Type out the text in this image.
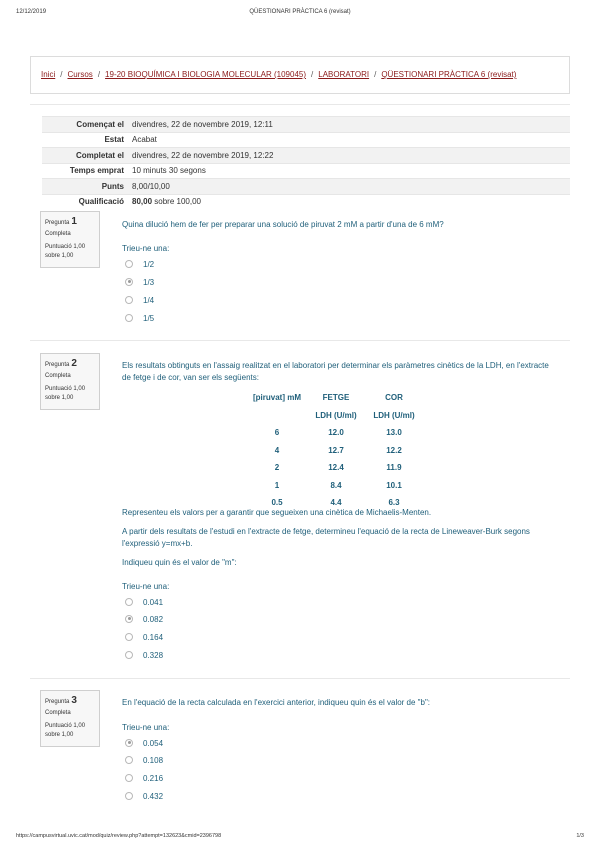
12/12/2019	QÜESTIONARI PRÀCTICA 6 (revisat)
Inici / Cursos / 19-20 BIOQUÍMICA I BIOLOGIA MOLECULAR (109045) / LABORATORI / QÜESTIONARI PRÀCTICA 6 (revisat)
Començat el	divendres, 22 de novembre 2019, 12:11
Estat	Acabat
Completat el	divendres, 22 de novembre 2019, 12:22
Temps emprat	10 minuts 30 segons
Punts	8,00/10,00
Qualificació	80,00 sobre 100,00
Pregunta 1
Completa
Puntuació 1,00 sobre 1,00
Quina dilució hem de fer per preparar una solució de piruvat 2 mM a partir d'una de 6 mM?
Trieu-ne una:
1/2
1/3
1/4
1/5
Pregunta 2
Completa
Puntuació 1,00 sobre 1,00
Els resultats obtinguts en l'assaig realitzat en el laboratori per determinar els paràmetres cinètics de la LDH, en l'extracte de fetge i de cor, van ser els següents:
[piruvat] mM	FETGE	COR
	LDH (U/ml)	LDH (U/ml)
6	12.0	13.0
4	12.7	12.2
2	12.4	11.9
1	8.4	10.1
0.5	4.4	6.3
Representeu els valors per a garantir que segueixen una cinètica de Michaelis-Menten.
A partir dels resultats de l'estudi en l'extracte de fetge, determineu l'equació de la recta de Lineweaver-Burk segons l'expressió y=mx+b.
Indiqueu quin és el valor de "m":
Trieu-ne una:
0.041
0.082
0.164
0.328
Pregunta 3
Completa
Puntuació 1,00 sobre 1,00
En l'equació de la recta calculada en l'exercici anterior, indiqueu quin és el valor de "b":
Trieu-ne una:
0.054
0.108
0.216
0.432
https://campusvirtual.uvic.cat/mod/quiz/review.php?attempt=132623&cmid=2396798	1/3
